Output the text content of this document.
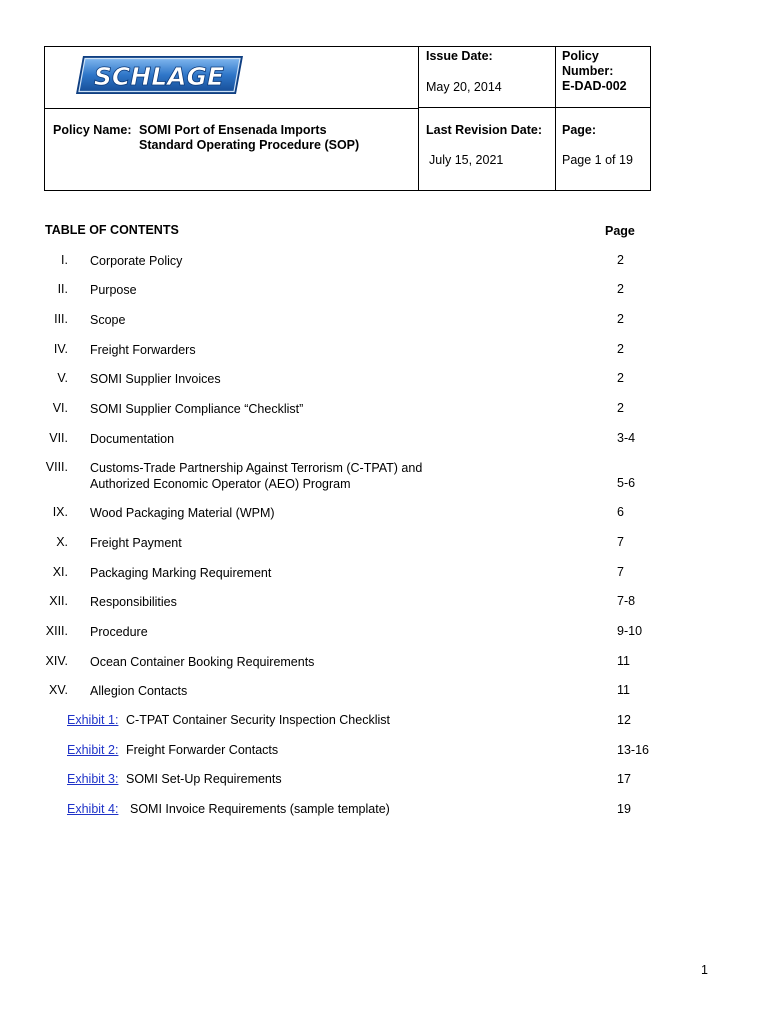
SCHLAGE
Issue Date:
May 20, 2014
Policy
Number:
E-DAD-002
Policy Name: SOMI Port of Ensenada Imports
Standard Operating Procedure (SOP)
Last Revision Date:
July 15, 2021
Page:
Page 1 of 19
TABLE OF CONTENTS	Page
I. Corporate Policy	2
II. Purpose	2
III. Scope	2
IV. Freight Forwarders	2
V. SOMI Supplier Invoices	2
VI. SOMI Supplier Compliance “Checklist”	2
VII. Documentation	3-4
VIII. Customs-Trade Partnership Against Terrorism (C-TPAT) and
Authorized Economic Operator (AEO) Program	5-6
IX. Wood Packaging Material (WPM)	6
X. Freight Payment	7
XI. Packaging Marking Requirement	7
XII. Responsibilities	7-8
XIII. Procedure	9-10
XIV. Ocean Container Booking Requirements	11
XV. Allegion Contacts	11
Exhibit 1: C-TPAT Container Security Inspection Checklist	12
Exhibit 2: Freight Forwarder Contacts	13-16
Exhibit 3: SOMI Set-Up Requirements	17
Exhibit 4: SOMI Invoice Requirements (sample template)	19
1
